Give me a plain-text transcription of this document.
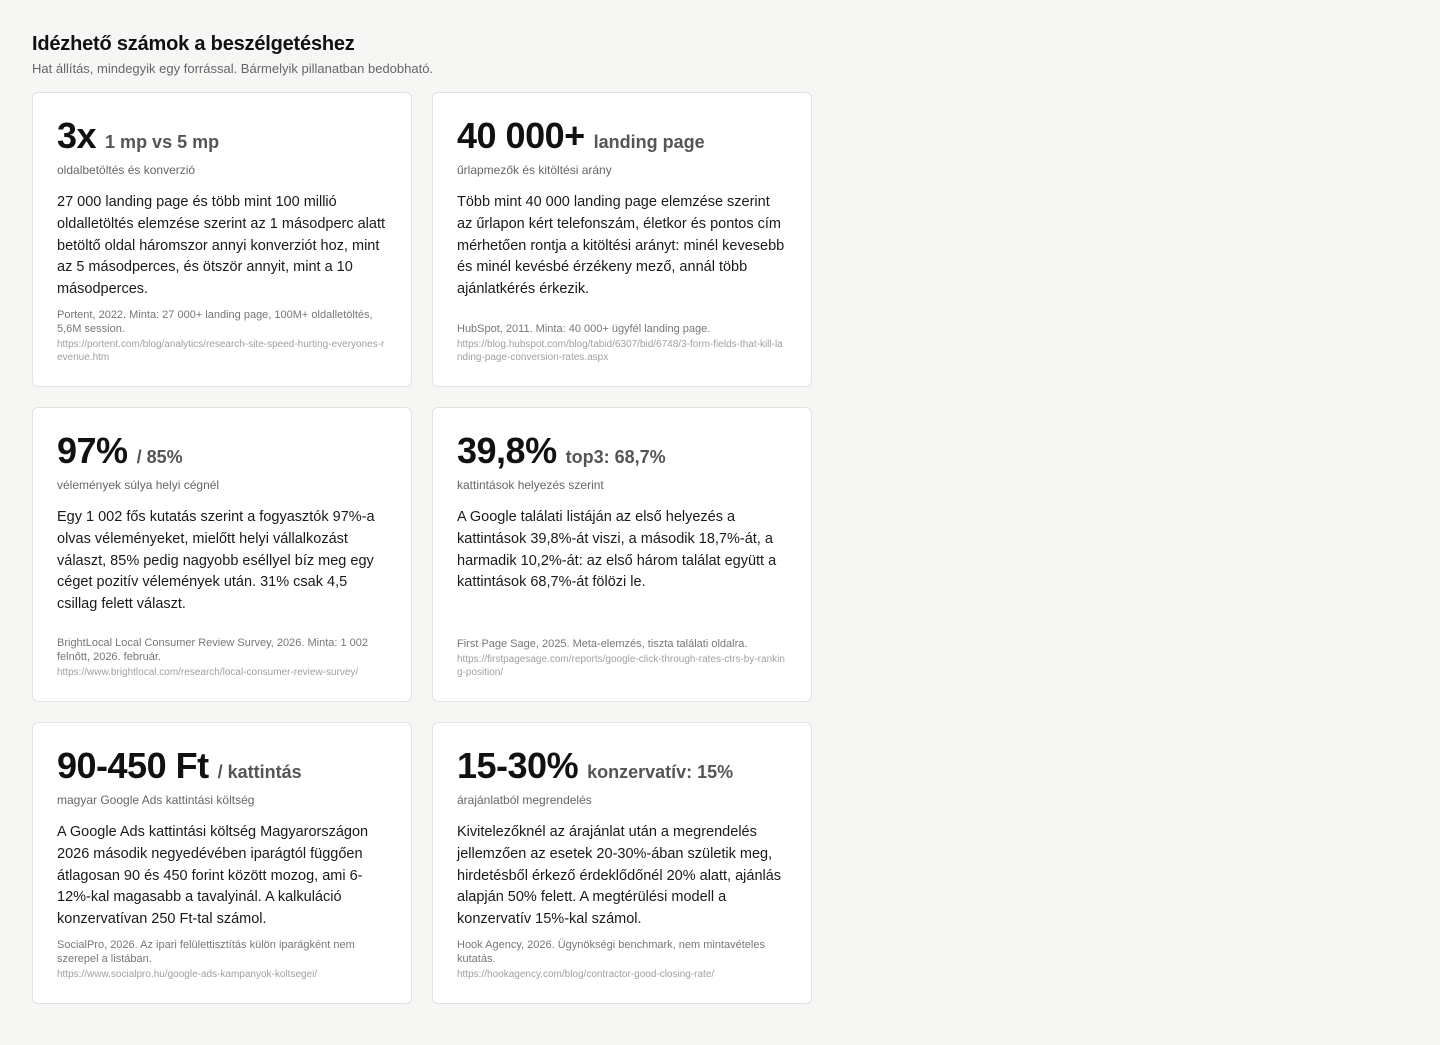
Idézhető számok a beszélgetéshez

Hat állítás, mindegyik egy forrással. Bármelyik pillanatban bedobható.

3x 1 mp vs 5 mp
oldalbetöltés és konverzió

27 000 landing page és több mint 100 millió oldalletöltés elemzése szerint az 1 másodperc alatt betöltő oldal háromszor annyi konverziót hoz, mint az 5 másodperces, és ötször annyit, mint a 10 másodperces.

Portent, 2022. Minta: 27 000+ landing page, 100M+ oldalletöltés, 5,6M session.
https://portent.com/blog/analytics/research-site-speed-hurting-everyones-revenue.htm
40 000+ landing page
űrlapmezők és kitöltési arány

Több mint 40 000 landing page elemzése szerint az űrlapon kért telefonszám, életkor és pontos cím mérhetően rontja a kitöltési arányt: minél kevesebb és minél kevésbé érzékeny mező, annál több ajánlatkérés érkezik.

HubSpot, 2011. Minta: 40 000+ ügyfél landing page.
https://blog.hubspot.com/blog/tabid/6307/bid/6748/3-form-fields-that-kill-landing-page-conversion-rates.aspx
97% / 85%
vélemények súlya helyi cégnél

Egy 1 002 fős kutatás szerint a fogyasztók 97%-a olvas véleményeket, mielőtt helyi vállalkozást választ, 85% pedig nagyobb eséllyel bíz meg egy céget pozitív vélemények után. 31% csak 4,5 csillag felett választ.

BrightLocal Local Consumer Review Survey, 2026. Minta: 1 002 felnőtt, 2026. február.
https://www.brightlocal.com/research/local-consumer-review-survey/
39,8% top3: 68,7%
kattintások helyezés szerint

A Google találati listáján az első helyezés a kattintások 39,8%-át viszi, a második 18,7%-át, a harmadik 10,2%-át: az első három találat együtt a kattintások 68,7%-át fölözi le.

First Page Sage, 2025. Meta-elemzés, tiszta találati oldalra.
https://firstpagesage.com/reports/google-click-through-rates-ctrs-by-ranking-position/
90-450 Ft / kattintás
magyar Google Ads kattintási költség

A Google Ads kattintási költség Magyarországon 2026 második negyedévében iparágtól függően átlagosan 90 és 450 forint között mozog, ami 6-12%-kal magasabb a tavalyinál. A kalkuláció konzervatívan 250 Ft-tal számol.

SocialPro, 2026. Az ipari felülettisztítás külön iparágként nem szerepel a listában.
https://www.socialpro.hu/google-ads-kampanyok-koltsegei/
15-30% konzervatív: 15%
árajánlatból megrendelés

Kivitelezőknél az árajánlat után a megrendelés jellemzően az esetek 20-30%-ában születik meg, hirdetésből érkező érdeklődőnél 20% alatt, ajánlás alapján 50% felett. A megtérülési modell a konzervatív 15%-kal számol.

Hook Agency, 2026. Ügynökségi benchmark, nem mintavételes kutatás.
https://hookagency.com/blog/contractor-good-closing-rate/
